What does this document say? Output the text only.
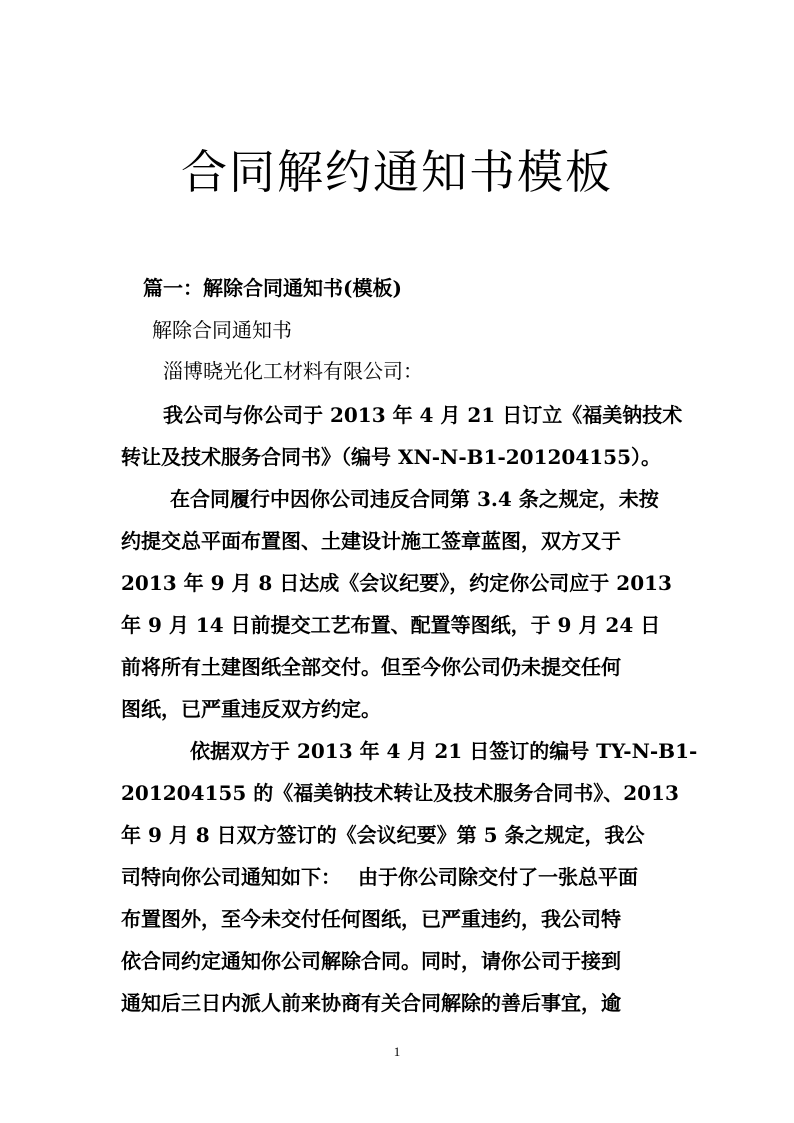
合同解约通知书模板
篇一：解除合同通知书(模板)
解除合同通知书
淄博晓光化工材料有限公司：
我公司与你公司于 2013 年 4 月 21 日订立《福美钠技术
转让及技术服务合同书》（编号 XN-N-B1-201204155）。
在合同履行中因你公司违反合同第 3.4 条之规定，未按
约提交总平面布置图、土建设计施工签章蓝图，双方又于
2013 年 9 月 8 日达成《会议纪要》，约定你公司应于 2013
年 9 月 14 日前提交工艺布置、配置等图纸，于 9 月 24 日
前将所有土建图纸全部交付。但至今你公司仍未提交任何
图纸，已严重违反双方约定。
依据双方于 2013 年 4 月 21 日签订的编号 TY-N-B1-
201204155 的《福美钠技术转让及技术服务合同书》、2013
年 9 月 8 日双方签订的《会议纪要》第 5 条之规定，我公
司特向你公司通知如下：　 由于你公司除交付了一张总平面
布置图外，至今未交付任何图纸，已严重违约，我公司特
依合同约定通知你公司解除合同。同时，请你公司于接到
通知后三日内派人前来协商有关合同解除的善后事宜，逾
1
